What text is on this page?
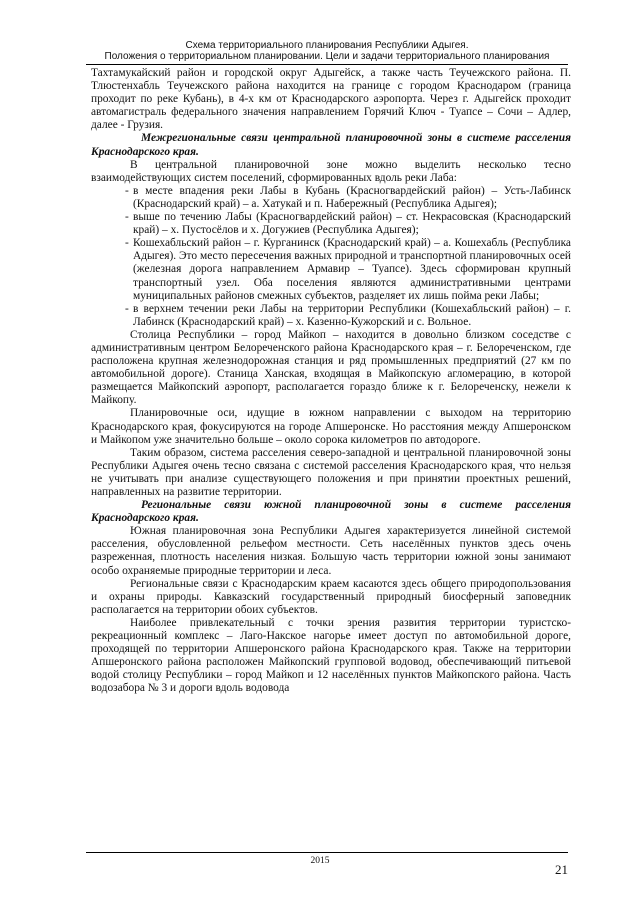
Схема территориального планирования Республики Адыгея.
Положения о территориальном планировании. Цели и задачи территориального планирования

Тахтамукайский район и городской округ Адыгейск, а также часть Теучежского района. П. Тлюстенхабль Теучежского района находится на границе с городом Краснодаром (граница проходит по реке Кубань), в 4-х км от Краснодарского аэропорта. Через г. Адыгейск проходит автомагистраль федерального значения направлением Горячий Ключ - Туапсе – Сочи – Адлер, далее - Грузия.

Межрегиональные связи центральной планировочной зоны в системе расселения Краснодарского края.

В центральной планировочной зоне можно выделить несколько тесно взаимодействующих систем поселений, сформированных вдоль реки Лаба:

- в месте впадения реки Лабы в Кубань (Красногвардейский район) – Усть-Лабинск (Краснодарский край) – а. Хатукай и п. Набережный (Республика Адыгея);
- выше по течению Лабы (Красногвардейский район) – ст. Некрасовская (Краснодарский край) – х. Пустосёлов и х. Догужиев (Республика Адыгея);
- Кошехабльский район – г. Курганинск (Краснодарский край) – а. Кошехабль (Республика Адыгея). Это место пересечения важных природной и транспортной планировочных осей (железная дорога направлением Армавир – Туапсе). Здесь сформирован крупный транспортный узел. Оба поселения являются административными центрами муниципальных районов смежных субъектов, разделяет их лишь пойма реки Лабы;
- в верхнем течении реки Лабы на территории Республики (Кошехабльский район) – г. Лабинск (Краснодарский край) – х. Казенно-Кужорский и с. Вольное.

Столица Республики – город Майкоп – находится в довольно близком соседстве с административным центром Белореченского района Краснодарского края – г. Белореченском, где расположена крупная железнодорожная станция и ряд промышленных предприятий (27 км по автомобильной дороге). Станица Ханская, входящая в Майкопскую агломерацию, в которой размещается Майкопский аэропорт, располагается гораздо ближе к г. Белореченску, нежели к Майкопу.

Планировочные оси, идущие в южном направлении с выходом на территорию Краснодарского края, фокусируются на городе Апшеронске. Но расстояния между Апшеронском и Майкопом уже значительно больше – около сорока километров по автодороге.

Таким образом, система расселения северо-западной и центральной планировочной зоны Республики Адыгея очень тесно связана с системой расселения Краснодарского края, что нельзя не учитывать при анализе существующего положения и при принятии проектных решений, направленных на развитие территории.

Региональные связи южной планировочной зоны в системе расселения Краснодарского края.

Южная планировочная зона Республики Адыгея характеризуется линейной системой расселения, обусловленной рельефом местности. Сеть населённых пунктов здесь очень разреженная, плотность населения низкая. Большую часть территории южной зоны занимают особо охраняемые природные территории и леса.

Региональные связи с Краснодарским краем касаются здесь общего природопользования и охраны природы. Кавказский государственный природный биосферный заповедник располагается на территории обоих субъектов.

Наиболее привлекательный с точки зрения развития территории туристско-рекреационный комплекс – Лаго-Накское нагорье имеет доступ по автомобильной дороге, проходящей по территории Апшеронского района Краснодарского края. Также на территории Апшеронского района расположен Майкопский групповой водовод, обеспечивающий питьевой водой столицу Республики – город Майкоп и 12 населённых пунктов Майкопского района. Часть водозабора № 3 и дороги вдоль водовода

2015
21
